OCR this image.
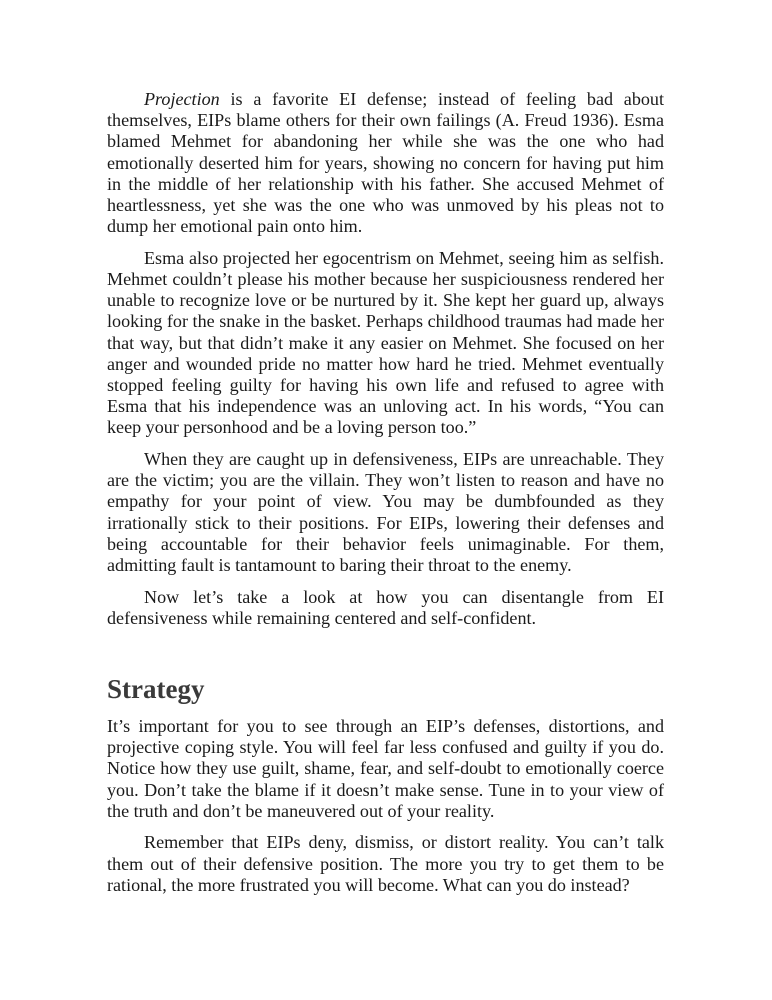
Projection is a favorite EI defense; instead of feeling bad about themselves, EIPs blame others for their own failings (A. Freud 1936). Esma blamed Mehmet for abandoning her while she was the one who had emotionally deserted him for years, showing no concern for having put him in the middle of her relationship with his father. She accused Mehmet of heartlessness, yet she was the one who was unmoved by his pleas not to dump her emotional pain onto him.

Esma also projected her egocentrism on Mehmet, seeing him as selfish. Mehmet couldn’t please his mother because her suspiciousness rendered her unable to recognize love or be nurtured by it. She kept her guard up, always looking for the snake in the basket. Perhaps childhood traumas had made her that way, but that didn’t make it any easier on Mehmet. She focused on her anger and wounded pride no matter how hard he tried. Mehmet eventually stopped feeling guilty for having his own life and refused to agree with Esma that his independence was an unloving act. In his words, “You can keep your personhood and be a loving person too.”

When they are caught up in defensiveness, EIPs are unreachable. They are the victim; you are the villain. They won’t listen to reason and have no empathy for your point of view. You may be dumbfounded as they irrationally stick to their positions. For EIPs, lowering their defenses and being accountable for their behavior feels unimaginable. For them, admitting fault is tantamount to baring their throat to the enemy.

Now let’s take a look at how you can disentangle from EI defensiveness while remaining centered and self-confident.

Strategy

It’s important for you to see through an EIP’s defenses, distortions, and projective coping style. You will feel far less confused and guilty if you do. Notice how they use guilt, shame, fear, and self-doubt to emotionally coerce you. Don’t take the blame if it doesn’t make sense. Tune in to your view of the truth and don’t be maneuvered out of your reality.

Remember that EIPs deny, dismiss, or distort reality. You can’t talk them out of their defensive position. The more you try to get them to be rational, the more frustrated you will become. What can you do instead?
